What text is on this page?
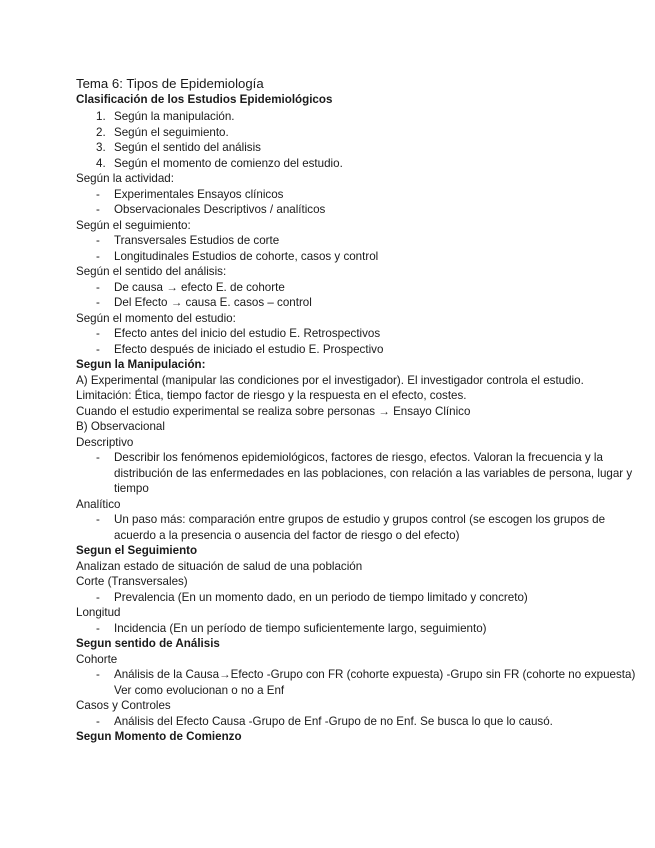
Tema 6: Tipos de Epidemiología
Clasificación de los Estudios Epidemiológicos
1. Según la manipulación.
2. Según el seguimiento.
3. Según el sentido del análisis
4. Según el momento de comienzo del estudio.
Según la actividad:
- Experimentales Ensayos clínicos
- Observacionales Descriptivos / analíticos
Según el seguimiento:
- Transversales Estudios de corte
- Longitudinales Estudios de cohorte, casos y control
Según el sentido del análisis:
- De causa → efecto E. de cohorte
- Del Efecto → causa E. casos – control
Según el momento del estudio:
- Efecto antes del inicio del estudio E. Retrospectivos
- Efecto después de iniciado el estudio E. Prospectivo
Segun la Manipulación:
A) Experimental (manipular las condiciones por el investigador). El investigador controla el estudio.
Limitación: Ética, tiempo factor de riesgo y la respuesta en el efecto, costes.
Cuando el estudio experimental se realiza sobre personas → Ensayo Clínico
B) Observacional
Descriptivo
- Describir los fenómenos epidemiológicos, factores de riesgo, efectos. Valoran la frecuencia y la distribución de las enfermedades en las poblaciones, con relación a las variables de persona, lugar y tiempo
Analítico
- Un paso más: comparación entre grupos de estudio y grupos control (se escogen los grupos de acuerdo a la presencia o ausencia del factor de riesgo o del efecto)
Segun el Seguimiento
Analizan estado de situación de salud de una población
Corte (Transversales)
- Prevalencia (En un momento dado, en un periodo de tiempo limitado y concreto)
Longitud
- Incidencia (En un período de tiempo suficientemente largo, seguimiento)
Segun sentido de Análisis
Cohorte
- Análisis de la Causa→Efecto -Grupo con FR (cohorte expuesta) -Grupo sin FR (cohorte no expuesta) Ver como evolucionan o no a Enf
Casos y Controles
- Análisis del Efecto Causa -Grupo de Enf -Grupo de no Enf. Se busca lo que lo causó.
Segun Momento de Comienzo
